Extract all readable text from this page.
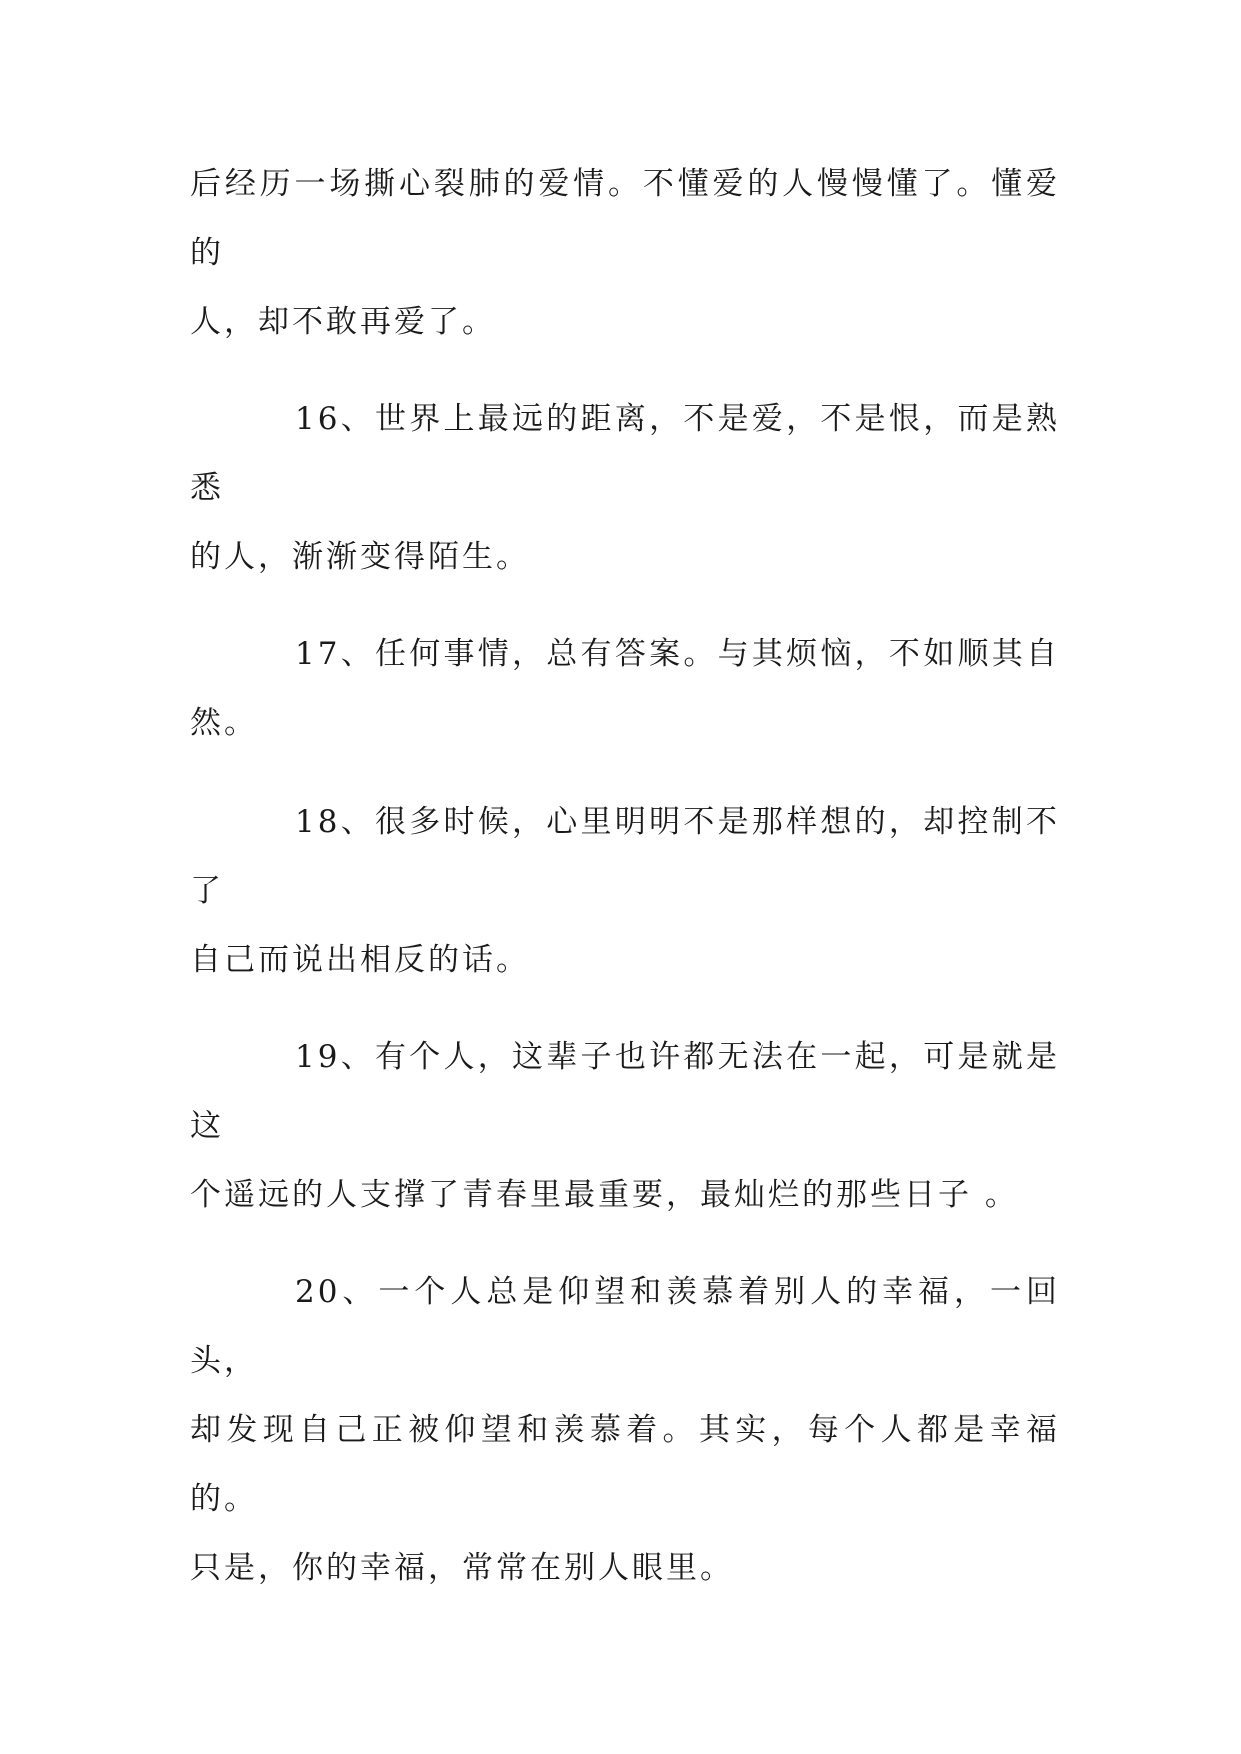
后经历一场撕心裂肺的爱情。不懂爱的人慢慢懂了。懂爱的
人，却不敢再爱了。

16、世界上最远的距离，不是爱，不是恨，而是熟悉
的人，渐渐变得陌生。

17、任何事情，总有答案。与其烦恼，不如顺其自然。

18、很多时候，心里明明不是那样想的，却控制不了
自己而说出相反的话。

19、有个人，这辈子也许都无法在一起，可是就是这
个遥远的人支撑了青春里最重要，最灿烂的那些日子 。

20、一个人总是仰望和羡慕着别人的幸福，一回头，
却发现自己正被仰望和羡慕着。其实，每个人都是幸福的。
只是，你的幸福，常常在别人眼里。
